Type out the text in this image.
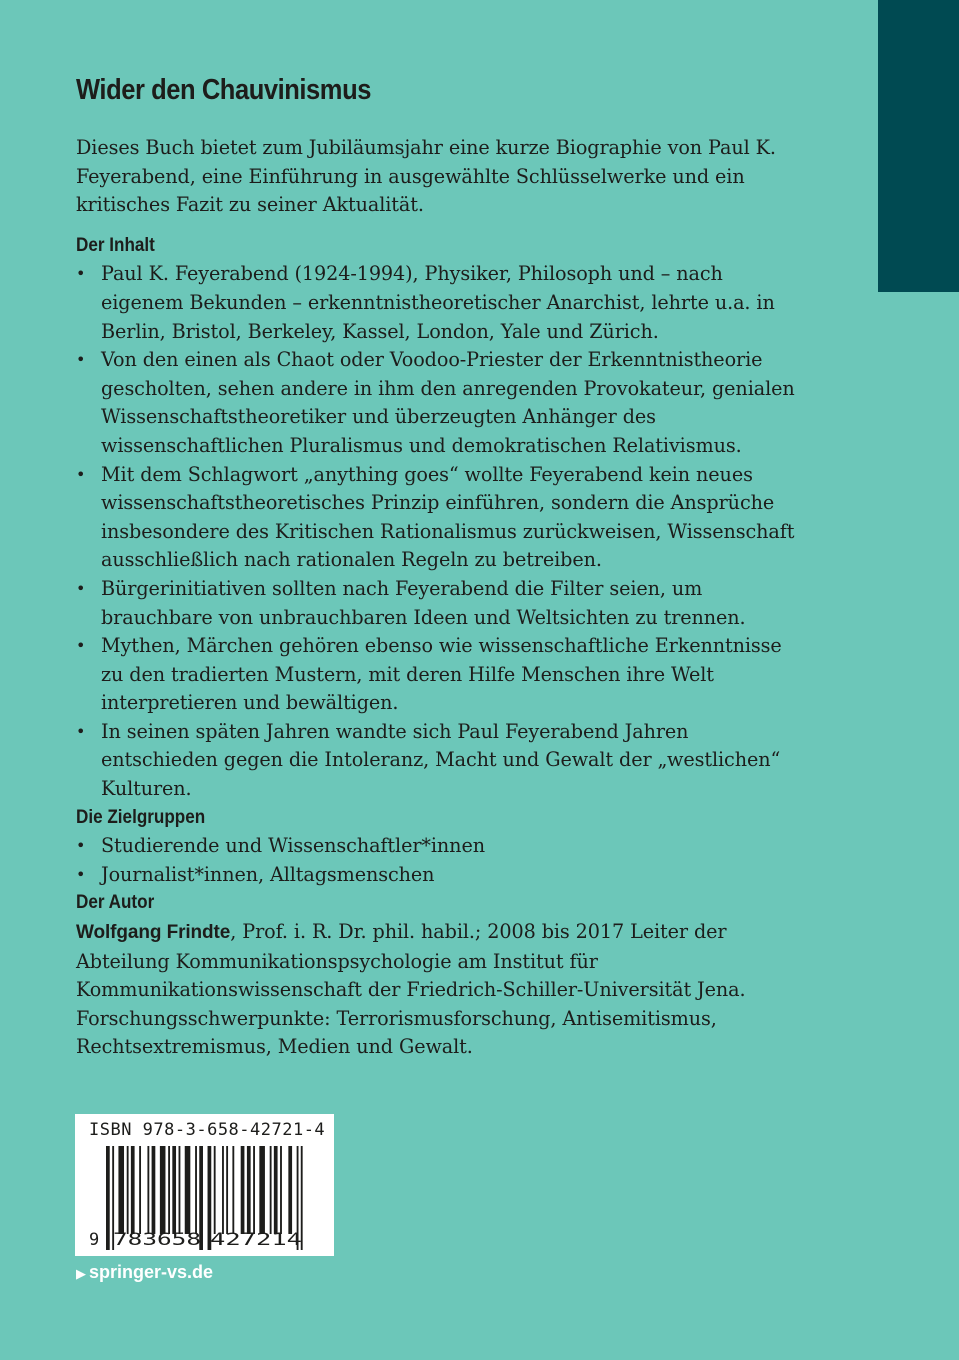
Wider den Chauvinismus

Dieses Buch bietet zum Jubiläumsjahr eine kurze Biographie von Paul K. Feyerabend, eine Einführung in ausgewählte Schlüsselwerke und ein kritisches Fazit zu seiner Aktualität.

Der Inhalt
• Paul K. Feyerabend (1924-1994), Physiker, Philosoph und – nach eigenem Bekunden – erkenntnistheoretischer Anarchist, lehrte u.a. in Berlin, Bristol, Berkeley, Kassel, London, Yale und Zürich.
• Von den einen als Chaot oder Voodoo-Priester der Erkenntnistheorie gescholten, sehen andere in ihm den anregenden Provokateur, genialen Wissenschaftstheoretiker und überzeugten Anhänger des wissenschaftlichen Pluralismus und demokratischen Relativismus.
• Mit dem Schlagwort „anything goes“ wollte Feyerabend kein neues wissenschaftstheoretisches Prinzip einführen, sondern die Ansprüche insbesondere des Kritischen Rationalismus zurückweisen, Wissenschaft ausschließlich nach rationalen Regeln zu betreiben.
• Bürgerinitiativen sollten nach Feyerabend die Filter seien, um brauchbare von unbrauchbaren Ideen und Weltsichten zu trennen.
• Mythen, Märchen gehören ebenso wie wissenschaftliche Erkenntnisse zu den tradierten Mustern, mit deren Hilfe Menschen ihre Welt interpretieren und bewältigen.
• In seinen späten Jahren wandte sich Paul Feyerabend Jahren entschieden gegen die Intoleranz, Macht und Gewalt der „westlichen“ Kulturen.
Die Zielgruppen
• Studierende und Wissenschaftler*innen
• Journalist*innen, Alltagsmenschen
Der Autor

Wolfgang Frindte, Prof. i. R. Dr. phil. habil.; 2008 bis 2017 Leiter der Abteilung Kommunikationspsychologie am Institut für Kommunikationswissenschaft der Friedrich-Schiller-Universität Jena. Forschungsschwerpunkte: Terrorismusforschung, Antisemitismus, Rechtsextremismus, Medien und Gewalt.

ISBN 978-3-658-42721-4
9 783658 427214
▶ springer-vs.de
